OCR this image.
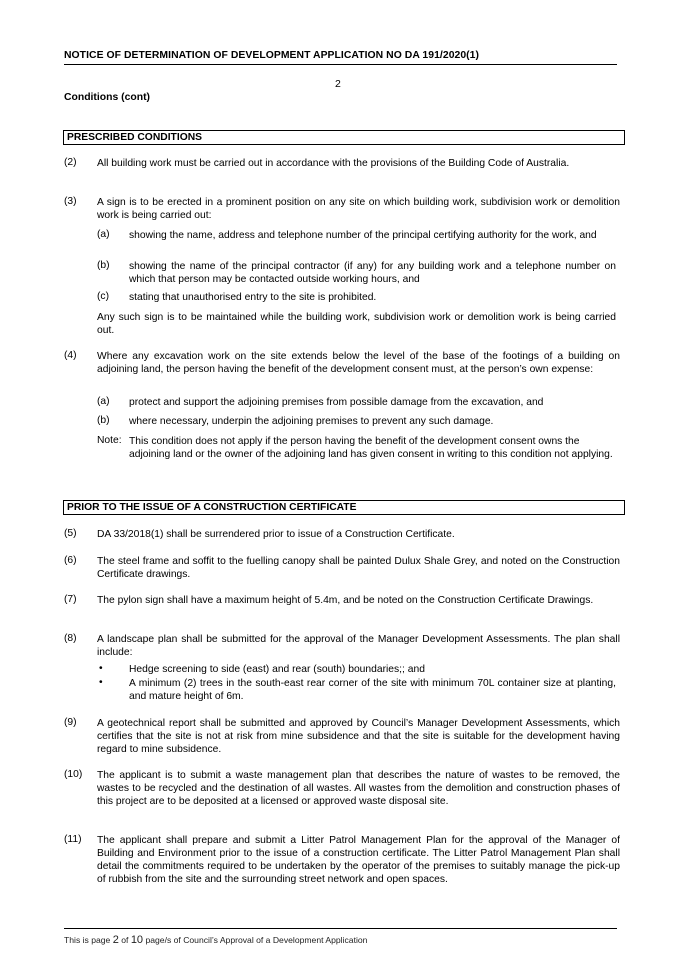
NOTICE OF DETERMINATION OF DEVELOPMENT APPLICATION NO DA 191/2020(1)
2
Conditions (cont)
PRESCRIBED CONDITIONS
(2) All building work must be carried out in accordance with the provisions of the Building Code of Australia.
(3) A sign is to be erected in a prominent position on any site on which building work, subdivision work or demolition work is being carried out:
(a) showing the name, address and telephone number of the principal certifying authority for the work, and
(b) showing the name of the principal contractor (if any) for any building work and a telephone number on which that person may be contacted outside working hours, and
(c) stating that unauthorised entry to the site is prohibited.
Any such sign is to be maintained while the building work, subdivision work or demolition work is being carried out.
(4) Where any excavation work on the site extends below the level of the base of the footings of a building on adjoining land, the person having the benefit of the development consent must, at the person’s own expense:
(a) protect and support the adjoining premises from possible damage from the excavation, and
(b) where necessary, underpin the adjoining premises to prevent any such damage.
Note: This condition does not apply if the person having the benefit of the development consent owns the adjoining land or the owner of the adjoining land has given consent in writing to this condition not applying.
PRIOR TO THE ISSUE OF A CONSTRUCTION CERTIFICATE
(5) DA 33/2018(1) shall be surrendered prior to issue of a Construction Certificate.
(6) The steel frame and soffit to the fuelling canopy shall be painted Dulux Shale Grey, and noted on the Construction Certificate drawings.
(7) The pylon sign shall have a maximum height of 5.4m, and be noted on the Construction Certificate Drawings.
(8) A landscape plan shall be submitted for the approval of the Manager Development Assessments. The plan shall include:
•	Hedge screening to side (east) and rear (south) boundaries;; and
•	A minimum (2) trees in the south-east rear corner of the site with minimum 70L container size at planting, and mature height of 6m.
(9) A geotechnical report shall be submitted and approved by Council’s Manager Development Assessments, which certifies that the site is not at risk from mine subsidence and that the site is suitable for the development having regard to mine subsidence.
(10) The applicant is to submit a waste management plan that describes the nature of wastes to be removed, the wastes to be recycled and the destination of all wastes. All wastes from the demolition and construction phases of this project are to be deposited at a licensed or approved waste disposal site.
(11) The applicant shall prepare and submit a Litter Patrol Management Plan for the approval of the Manager of Building and Environment prior to the issue of a construction certificate. The Litter Patrol Management Plan shall detail the commitments required to be undertaken by the operator of the premises to suitably manage the pick-up of rubbish from the site and the surrounding street network and open spaces.
This is page 2 of 10 page/s of Council’s Approval of a Development Application
